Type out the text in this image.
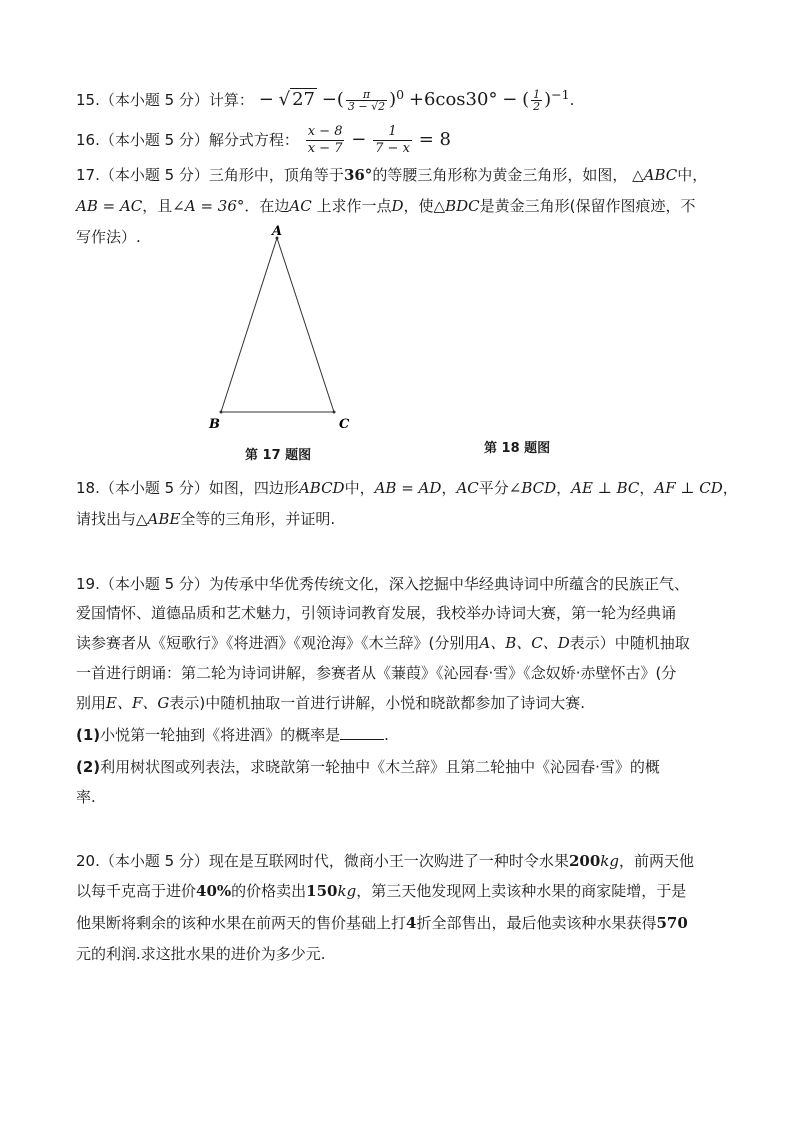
15.（本小题 5 分）计算： − √ 27 −( $\frac{\pi}{3 - √2} )^0 +6\cos 30^\circ$ − ( $\frac{1}{2} )^{-1}$.
16.（本小题 5 分）解分式方程： $\frac{x - 8}{x - 7} - \frac{1}{7 - x} = 8$
17.（本小题 5 分）三角形中，顶角等于36°的等腰三角形称为黄金三角形，如图， △ABC中，
AB = AC，且∠A = 36°．在边AC 上求作一点D，使△BDC是黄金三角形(保留作图痕迹，不
写作法）.	A
B	C
第 17 题图	第 18 题图
18.（本小题 5 分）如图，四边形ABCD中，AB = AD，AC平分∠BCD，AE ⊥ BC，AF ⊥ CD，
请找出与△ABE全等的三角形，并证明.
19.（本小题 5 分）为传承中华优秀传统文化，深入挖掘中华经典诗词中所蕴含的民族正气、
爱国情怀、道德品质和艺术魅力，引领诗词教育发展，我校举办诗词大赛，第一轮为经典诵
读参赛者从《短歌行》《将进酒》《观沧海》《木兰辞》(分别用A、B、C、D表示）中随机抽取
一首进行朗诵：第二轮为诗词讲解，参赛者从《蒹葭》《沁园春·雪》《念奴娇·赤壁怀古》(分
别用E、F、G表示)中随机抽取一首进行讲解，小悦和晓歆都参加了诗词大赛.
(1)小悦第一轮抽到《将进酒》的概率是	.
(2)利用树状图或列表法，求晓歆第一轮抽中《木兰辞》且第二轮抽中《沁园春·雪》的概
率.
20.（本小题 5 分）现在是互联网时代，微商小王一次购进了一种时令水果200kg，前两天他
以每千克高于进价40%的价格卖出150kg，第三天他发现网上卖该种水果的商家陡增，于是
他果断将剩余的该种水果在前两天的售价基础上打4折全部售出，最后他卖该种水果获得570
元的利润.求这批水果的进价为多少元.
